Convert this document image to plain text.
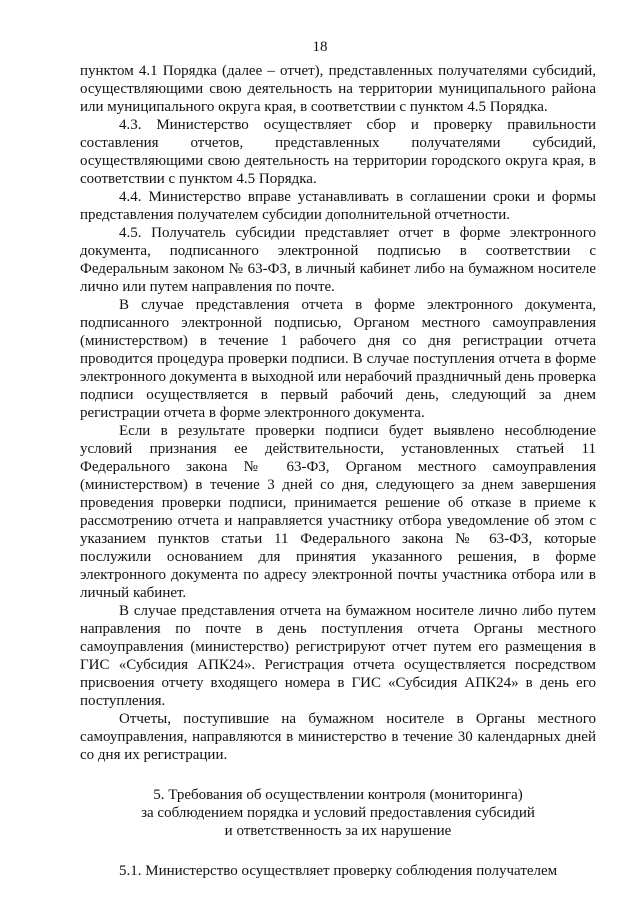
18

пунктом 4.1 Порядка (далее – отчет), представленных получателями субсидий, осуществляющими свою деятельность на территории муниципального района или муниципального округа края, в соответствии с пунктом 4.5 Порядка.

4.3. Министерство осуществляет сбор и проверку правильности составления отчетов, представленных получателями субсидий, осуществляющими свою деятельность на территории городского округа края, в соответствии с пунктом 4.5 Порядка.

4.4. Министерство вправе устанавливать в соглашении сроки и формы представления получателем субсидии дополнительной отчетности.

4.5. Получатель субсидии представляет отчет в форме электронного документа, подписанного электронной подписью в соответствии с Федеральным законом № 63-ФЗ, в личный кабинет либо на бумажном носителе лично или путем направления по почте.

В случае представления отчета в форме электронного документа, подписанного электронной подписью, Органом местного самоуправления (министерством) в течение 1 рабочего дня со дня регистрации отчета проводится процедура проверки подписи. В случае поступления отчета в форме электронного документа в выходной или нерабочий праздничный день проверка подписи осуществляется в первый рабочий день, следующий за днем регистрации отчета в форме электронного документа.

Если в результате проверки подписи будет выявлено несоблюдение условий признания ее действительности, установленных статьей 11 Федерального закона № 63-ФЗ, Органом местного самоуправления (министерством) в течение 3 дней со дня, следующего за днем завершения проведения проверки подписи, принимается решение об отказе в приеме к рассмотрению отчета и направляется участнику отбора уведомление об этом с указанием пунктов статьи 11 Федерального закона № 63-ФЗ, которые послужили основанием для принятия указанного решения, в форме электронного документа по адресу электронной почты участника отбора или в личный кабинет.

В случае представления отчета на бумажном носителе лично либо путем направления по почте в день поступления отчета Органы местного самоуправления (министерство) регистрируют отчет путем его размещения в ГИС «Субсидия АПК24». Регистрация отчета осуществляется посредством присвоения отчету входящего номера в ГИС «Субсидия АПК24» в день его поступления.

Отчеты, поступившие на бумажном носителе в Органы местного самоуправления, направляются в министерство в течение 30 календарных дней со дня их регистрации.

5. Требования об осуществлении контроля (мониторинга)

за соблюдением порядка и условий предоставления субсидий

и ответственность за их нарушение

5.1. Министерство осуществляет проверку соблюдения получателем
